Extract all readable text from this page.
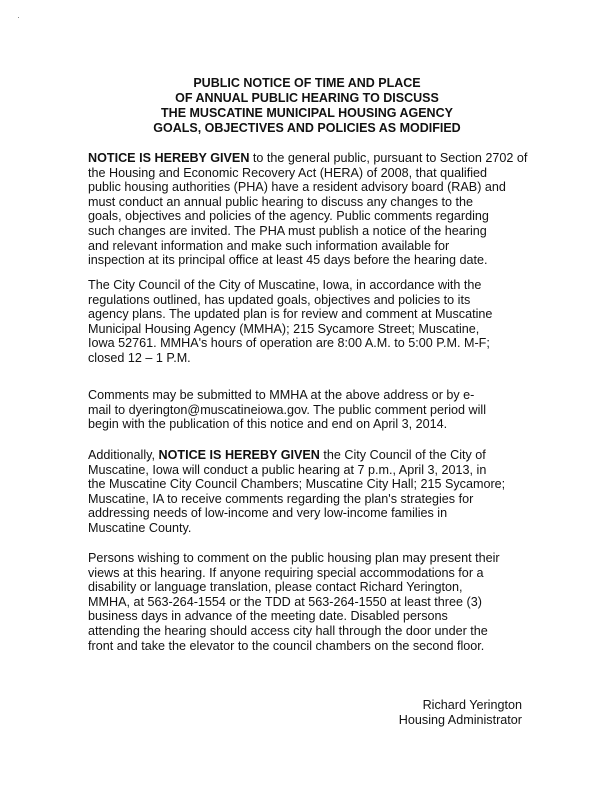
PUBLIC NOTICE OF TIME AND PLACE
OF ANNUAL PUBLIC HEARING TO DISCUSS
THE MUSCATINE MUNICIPAL HOUSING AGENCY
GOALS, OBJECTIVES AND POLICIES AS MODIFIED
NOTICE IS HEREBY GIVEN to the general public, pursuant to Section 2702 of
the Housing and Economic Recovery Act (HERA) of 2008, that qualified
public housing authorities (PHA) have a resident advisory board (RAB) and
must conduct an annual public hearing to discuss any changes to the
goals, objectives and policies of the agency. Public comments regarding
such changes are invited. The PHA must publish a notice of the hearing
and relevant information and make such information available for
inspection at its principal office at least 45 days before the hearing date.
The City Council of the City of Muscatine, Iowa, in accordance with the
regulations outlined, has updated goals, objectives and policies to its
agency plans. The updated plan is for review and comment at Muscatine
Municipal Housing Agency (MMHA); 215 Sycamore Street; Muscatine,
Iowa 52761. MMHA's hours of operation are 8:00 A.M. to 5:00 P.M. M-F;
closed 12 – 1 P.M.
Comments may be submitted to MMHA at the above address or by e-
mail to dyerington@muscatineiowa.gov. The public comment period will
begin with the publication of this notice and end on April 3, 2014.
Additionally, NOTICE IS HEREBY GIVEN the City Council of the City of
Muscatine, Iowa will conduct a public hearing at 7 p.m., April 3, 2013, in
the Muscatine City Council Chambers; Muscatine City Hall; 215 Sycamore;
Muscatine, IA to receive comments regarding the plan's strategies for
addressing needs of low-income and very low-income families in
Muscatine County.
Persons wishing to comment on the public housing plan may present their
views at this hearing. If anyone requiring special accommodations for a
disability or language translation, please contact Richard Yerington,
MMHA, at 563-264-1554 or the TDD at 563-264-1550 at least three (3)
business days in advance of the meeting date. Disabled persons
attending the hearing should access city hall through the door under the
front and take the elevator to the council chambers on the second floor.
Richard Yerington
Housing Administrator
